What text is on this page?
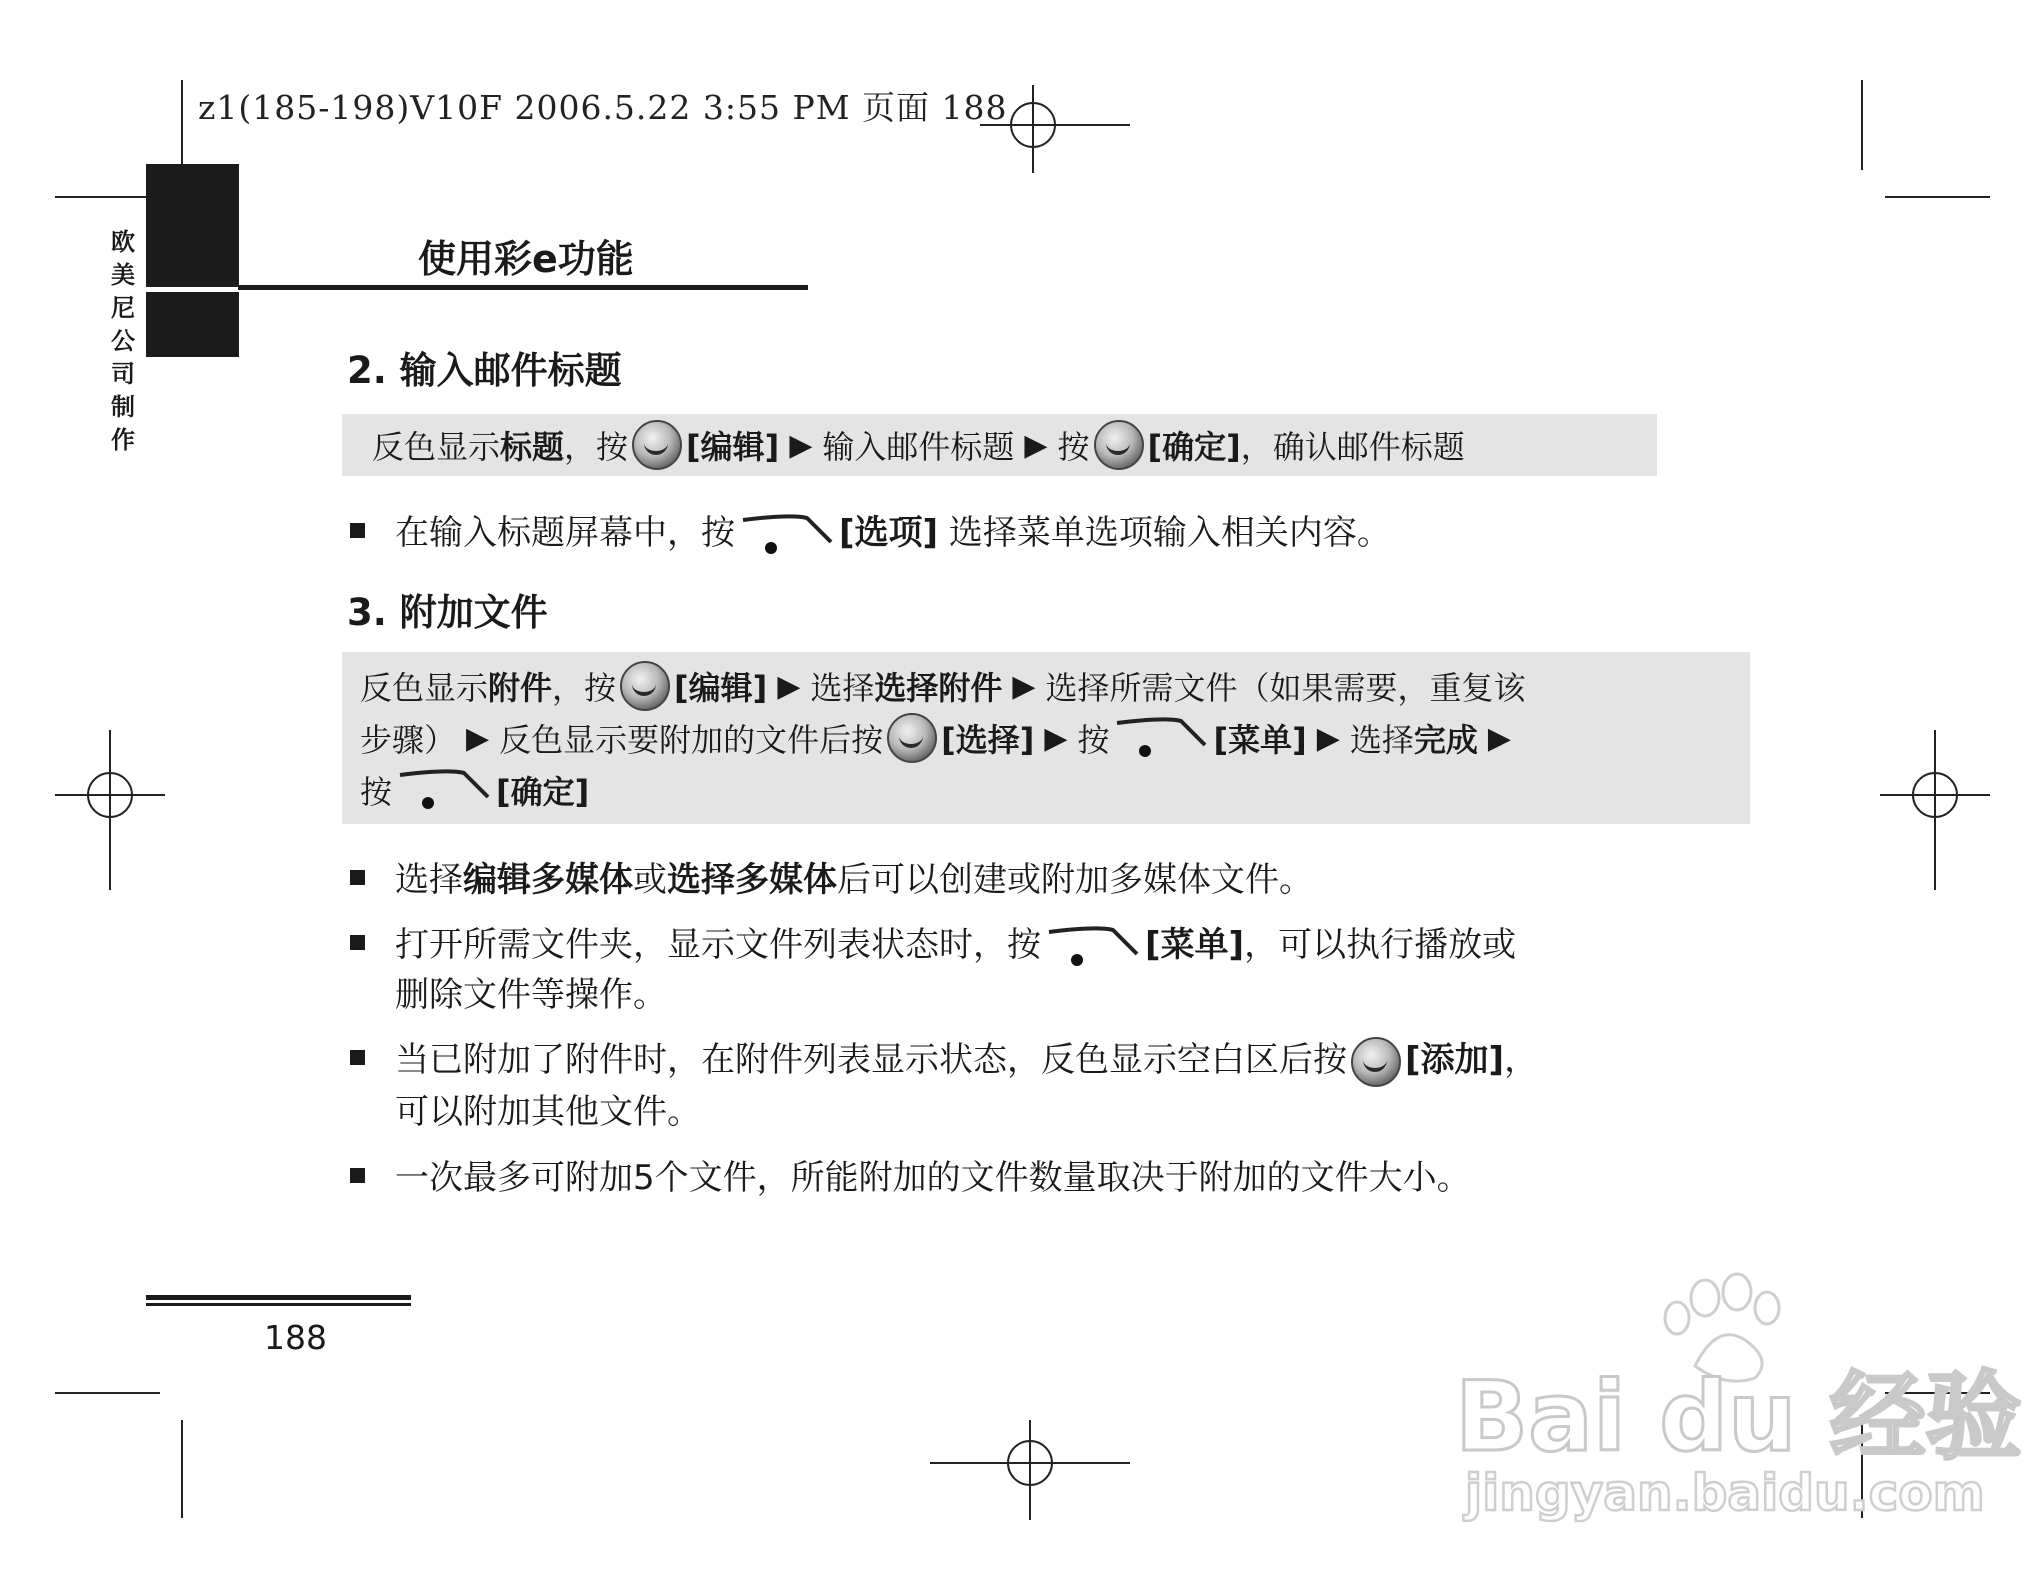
z1(185-198)V10F 2006.5.22 3:55 PM 页面 188
欧
美
尼
公
司
制
作
使用彩e功能
2. 输入邮件标题
反色显示 标题 ，按 [编辑] ▶ 输入邮件标题 ▶ 按 [确定] ，确认邮件标题
在输入标题屏幕中，按	[选项] 选择菜单选项输入相关内容。
3. 附加文件
反色显示 附件 ，按 [编辑] ▶ 选择 选择附件 ▶ 选择所需文件（如果需要，重复该
步骤） ▶ 反色显示要附加的文件后按 [选择] ▶ 按	[菜单] ▶ 选择 完成 ▶
按	[确定]
选择编辑多媒体或选择多媒体后可以创建或附加多媒体文件。
打开所需文件夹，显示文件列表状态时，按	[菜单]，可以执行播放或
删除文件等操作。
当已附加了附件时，在附件列表显示状态，反色显示空白区后按 [添加]，
可以附加其他文件。
一次最多可附加5个文件，所能附加的文件数量取决于附加的文件大小。
188
Bai du 经验
jingyan.baidu.com
